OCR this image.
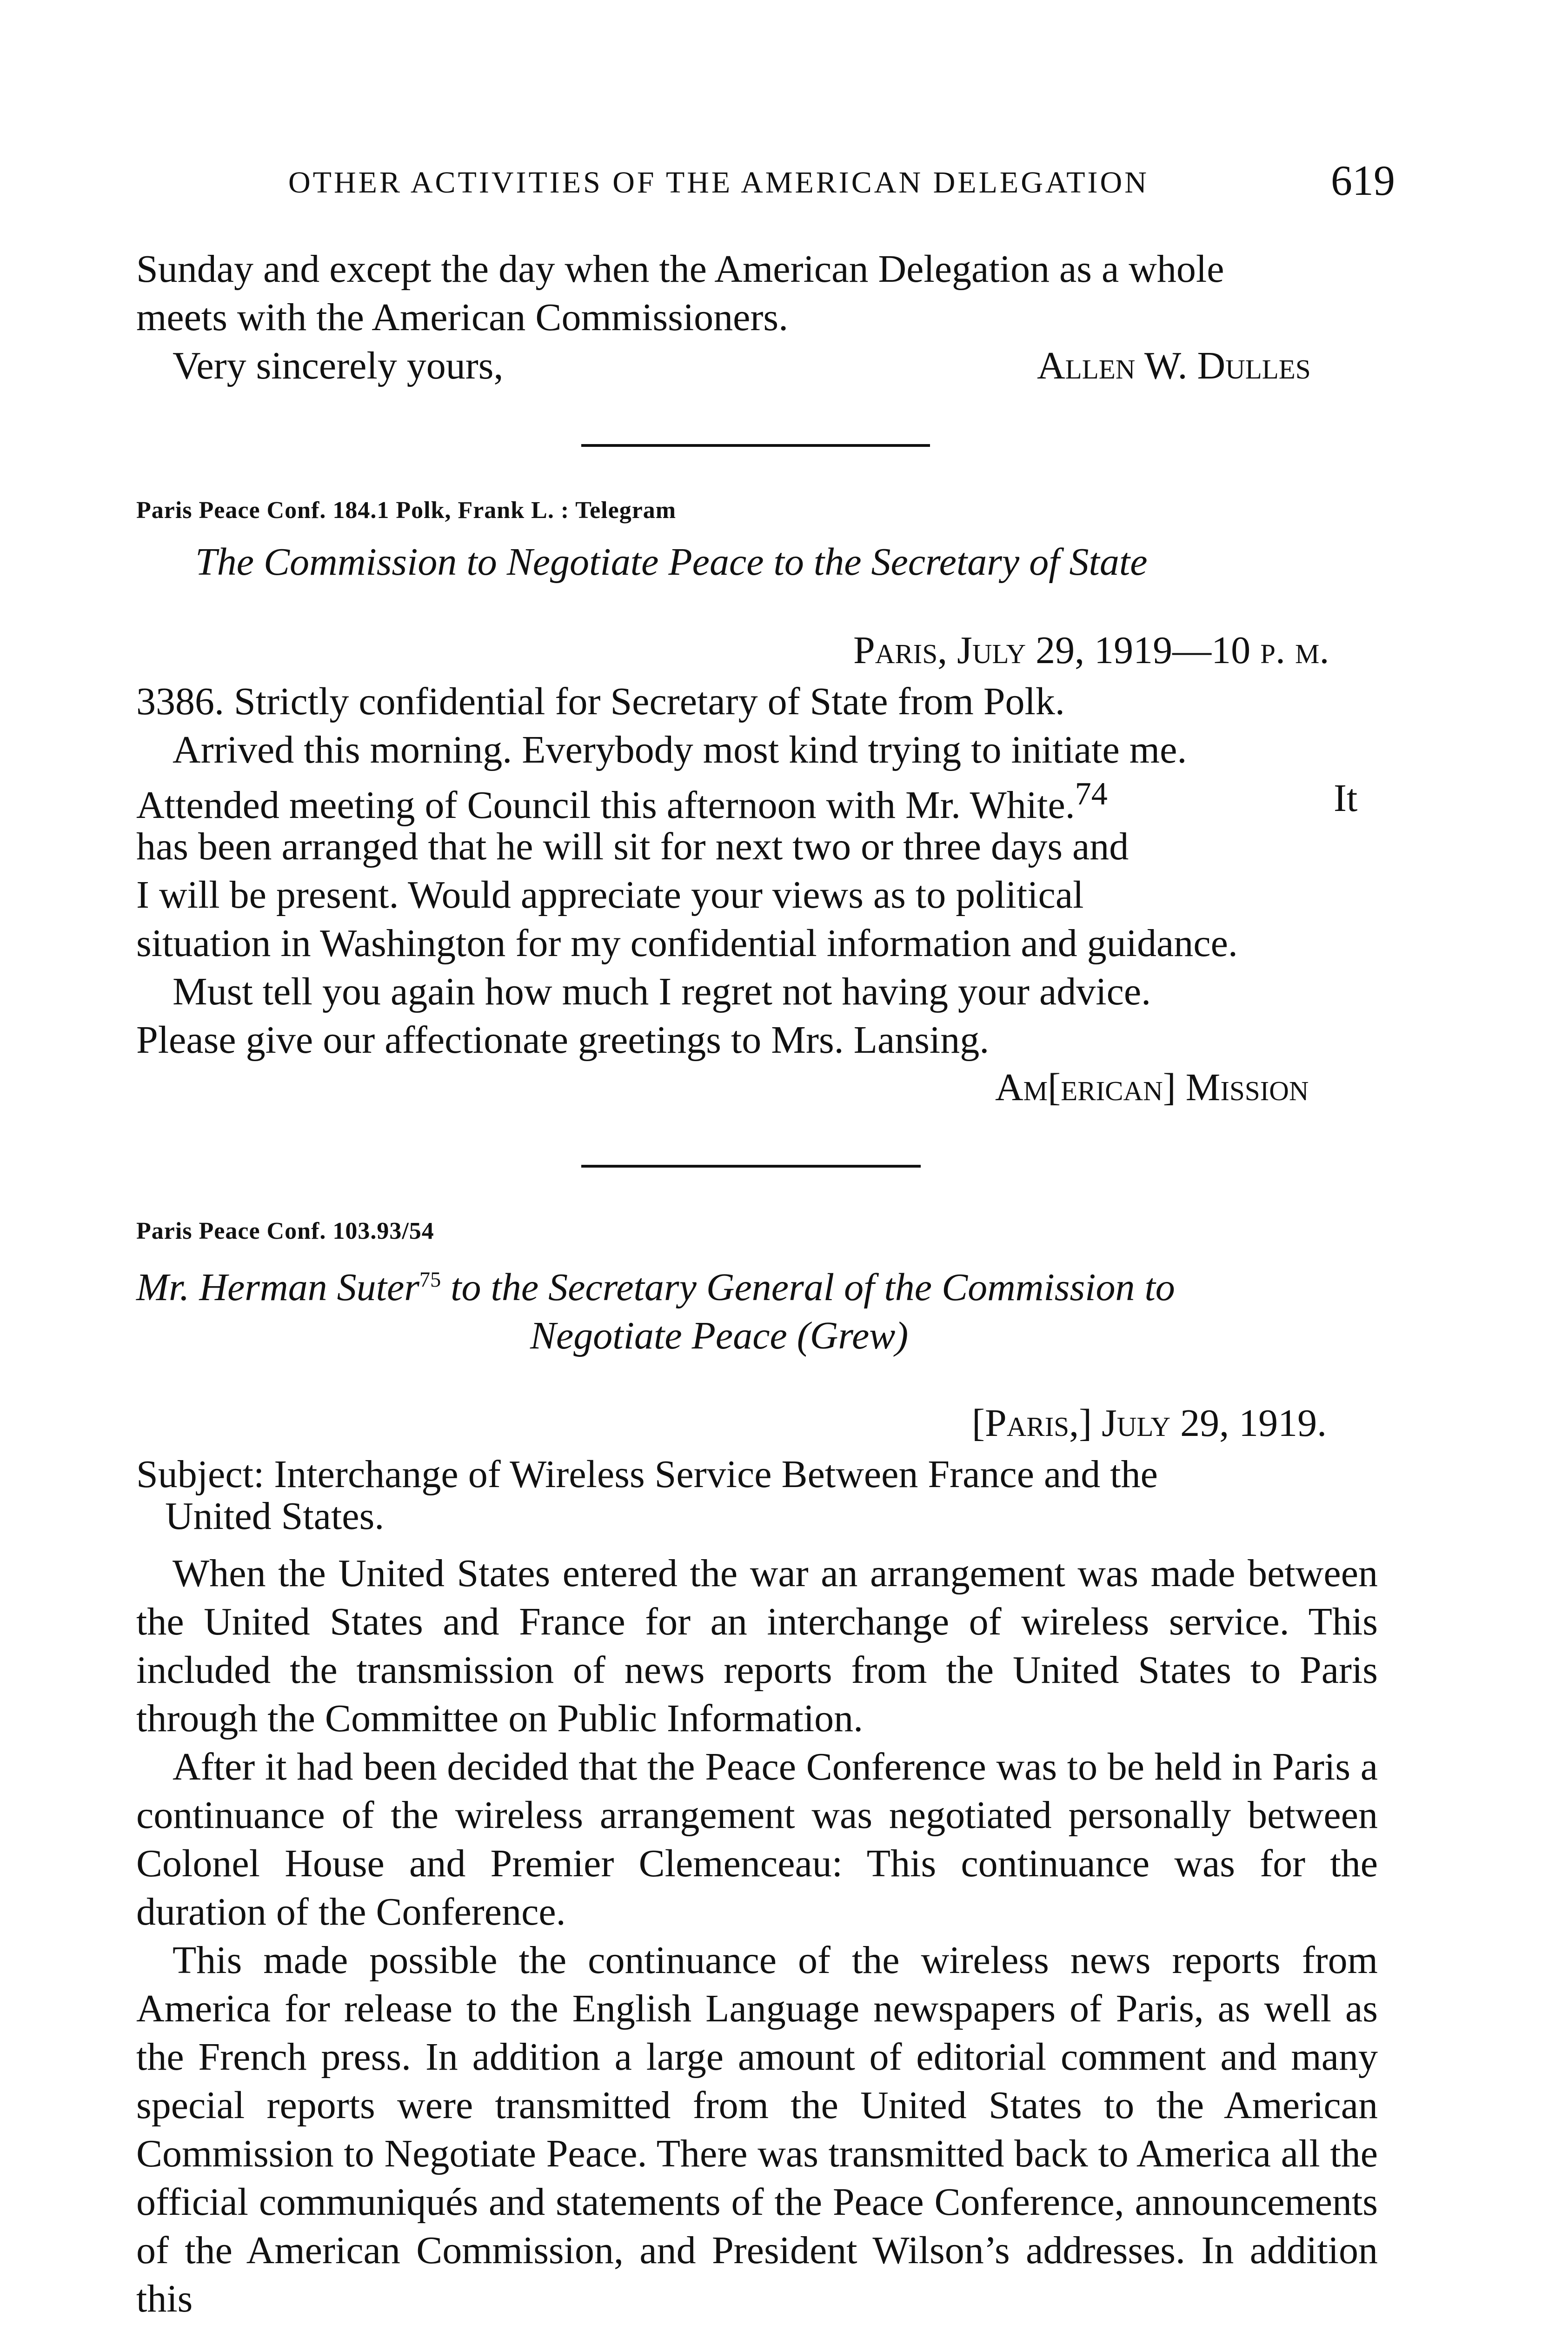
OTHER ACTIVITIES OF THE AMERICAN DELEGATION	619
Sunday and except the day when the American Delegation as a whole
meets with the American Commissioners.
Very sincerely yours,	Allen W. Dulles
Paris Peace Conf. 184.1 Polk, Frank L. : Telegram
The Commission to Negotiate Peace to the Secretary of State
Paris, July 29, 1919—10 p. m.
3386. Strictly confidential for Secretary of State from Polk.
Arrived this morning. Everybody most kind trying to initiate me.
Attended meeting of Council this afternoon with Mr. White.$^{74}$	It
has been arranged that he will sit for next two or three days and
I will be present. Would appreciate your views as to political
situation in Washington for my confidential information and guidance.
Must tell you again how much I regret not having your advice.
Please give our affectionate greetings to Mrs. Lansing.
Am[erican] Mission
Paris Peace Conf. 103.93/54
Mr. Herman Suter$^{75}$ to the Secretary General of the Commission to
Negotiate Peace (Grew)
[Paris,] July 29, 1919.
Subject: Interchange of Wireless Service Between France and the
United States.
When the United States entered the war an arrangement was made between the United States and France for an interchange of wireless service. This included the transmission of news reports from the United States to Paris through the Committee on Public Information.
After it had been decided that the Peace Conference was to be held in Paris a continuance of the wireless arrangement was negotiated personally between Colonel House and Premier Clemenceau: This continuance was for the duration of the Conference.
This made possible the continuance of the wireless news reports from America for release to the English Language newspapers of Paris, as well as the French press. In addition a large amount of editorial comment and many special reports were transmitted from the United States to the American Commission to Negotiate Peace. There was transmitted back to America all the official communiqués and statements of the Peace Conference, announcements of the American Commission, and President Wilson’s addresses. In addition this
